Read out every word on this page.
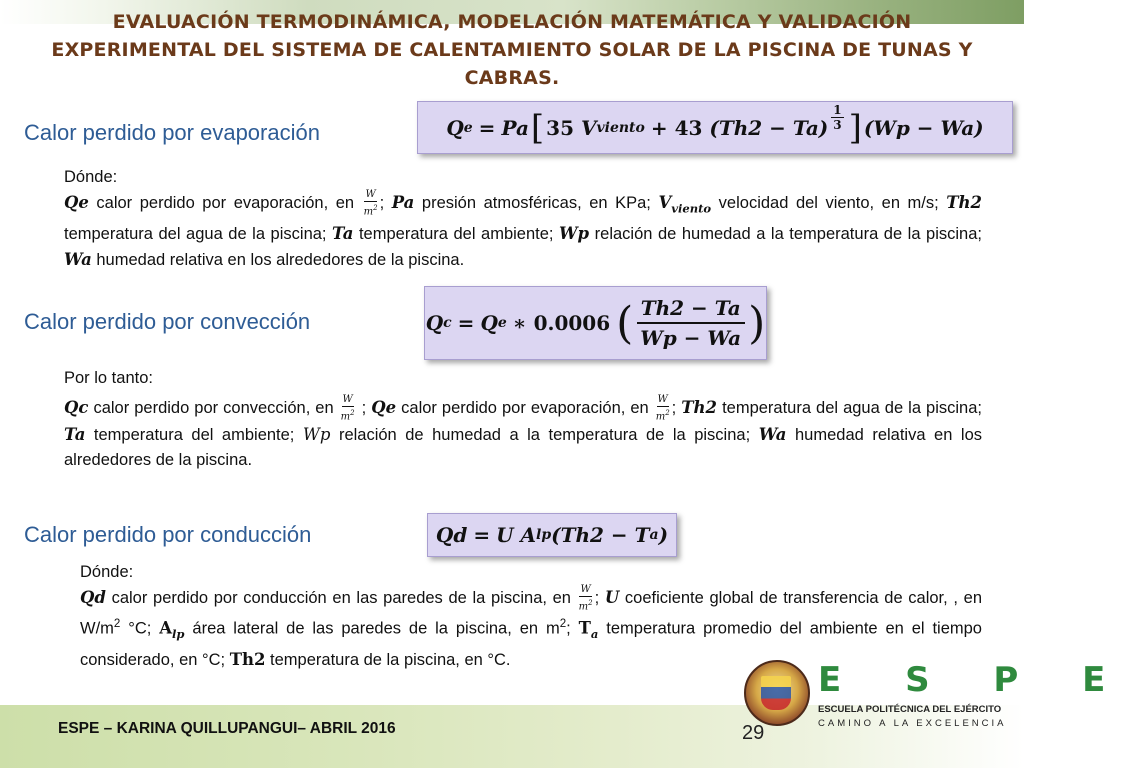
EVALUACIÓN TERMODINÁMICA, MODELACIÓN MATEMÁTICA Y VALIDACIÓN EXPERIMENTAL DEL SISTEMA DE CALENTAMIENTO SOLAR DE LA PISCINA DE TUNAS Y CABRAS.
Calor perdido por evaporación	Q e = Pa [ 35
V viento + 43
$(Th2 - Ta) \frac{1}{3}$ ] (Wp − Wa)
Dónde:
Qe calor perdido por evaporación, en $\frac{W}{m^2}$ ; Pa presión atmosféricas, en KPa; $V_{viento}$ velocidad del viento, en m/s; Th2 temperatura del agua de la piscina; Ta temperatura del ambiente; Wp relación de humedad a la temperatura de la piscina; Wa humedad relativa en los alrededores de la piscina.
Calor perdido por convección	Q c = Q e ∗ 0.0006 ( $\frac{Th2 - Ta}{Wp - Wa}$ )
Por lo tanto:
Qc calor perdido por convección, en $\frac{W}{m^2}$ ; Qe calor perdido por evaporación, en $\frac{W}{m^2}$ ; Th2 temperatura del agua de la piscina; Ta temperatura del ambiente; Wp relación de humedad a la temperatura de la piscina; Wa humedad relativa en los alrededores de la piscina.
Calor perdido por conducción	Qd = U
A lp (Th2 − T a )
Dónde:
Qd calor perdido por conducción en las paredes de la piscina, en $\frac{W}{m^2}$ ; U coeficiente global de transferencia de calor, , en $W/m^2$ °C; $A_{lp}$ área lateral de las paredes de la piscina, en $m^2$; $T_a$ temperatura promedio del ambiente en el tiempo considerado, en °C; Th2 temperatura de la piscina, en °C.
ESPE – KARINA QUILLUPANGUI– ABRIL 2016	29
E S P E
ESCUELA POLITÉCNICA DEL EJÉRCITO
CAMINO A LA EXCELENCIA
